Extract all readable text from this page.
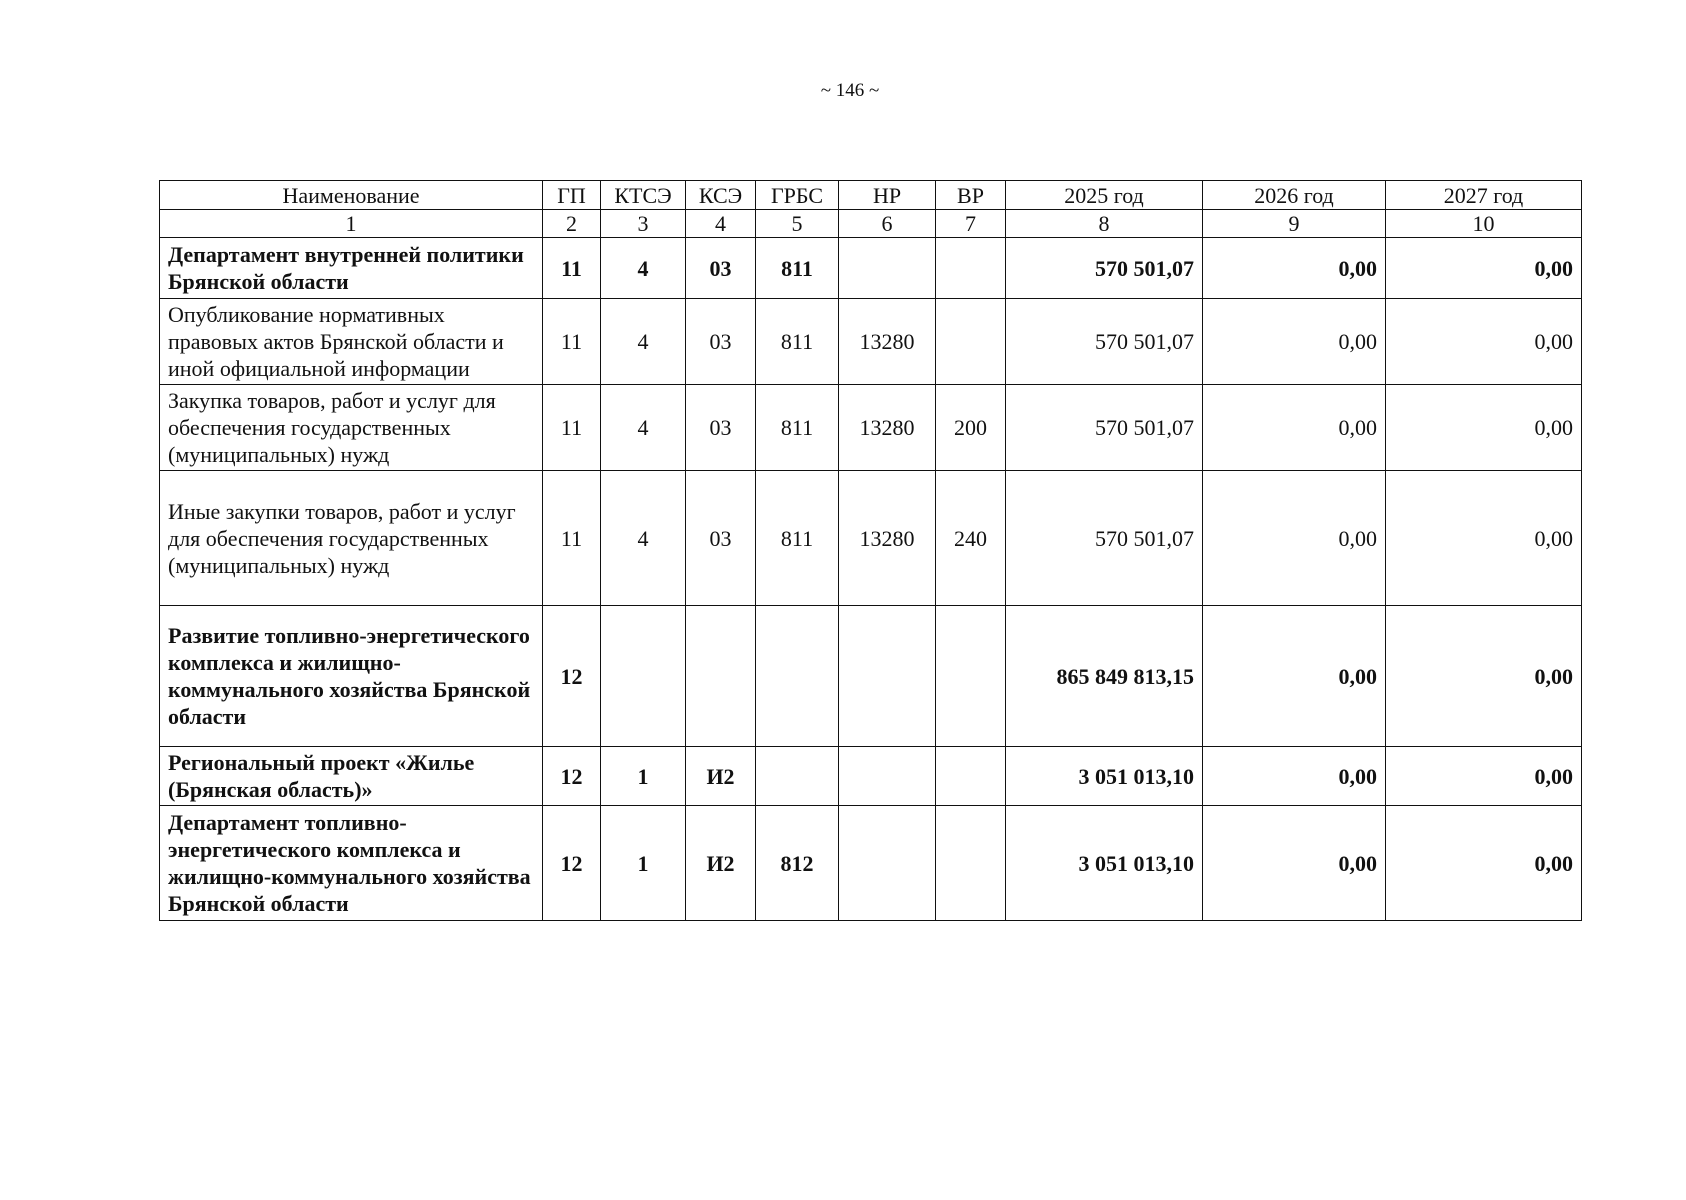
~ 146 ~
Наименование	ГП	КТСЭ	КСЭ	ГРБС	НР	ВР	2025 год	2026 год	2027 год
1	2	3	4	5	6	7	8	9	10
Департамент внутренней политики Брянской области	11	4	03	811			570 501,07	0,00	0,00
Опубликование нормативных правовых актов Брянской области и иной официальной информации	11	4	03	811	13280		570 501,07	0,00	0,00
Закупка товаров, работ и услуг для обеспечения государственных (муниципальных) нужд	11	4	03	811	13280	200	570 501,07	0,00	0,00
Иные закупки товаров, работ и услуг для обеспечения государственных (муниципальных) нужд	11	4	03	811	13280	240	570 501,07	0,00	0,00
Развитие топливно-энергетического комплекса и жилищно-коммунального хозяйства Брянской области	12						865 849 813,15	0,00	0,00
Региональный проект «Жилье (Брянская область)»	12	1	И2				3 051 013,10	0,00	0,00
Департамент топливно-энергетического комплекса и жилищно-коммунального хозяйства Брянской области	12	1	И2	812			3 051 013,10	0,00	0,00
